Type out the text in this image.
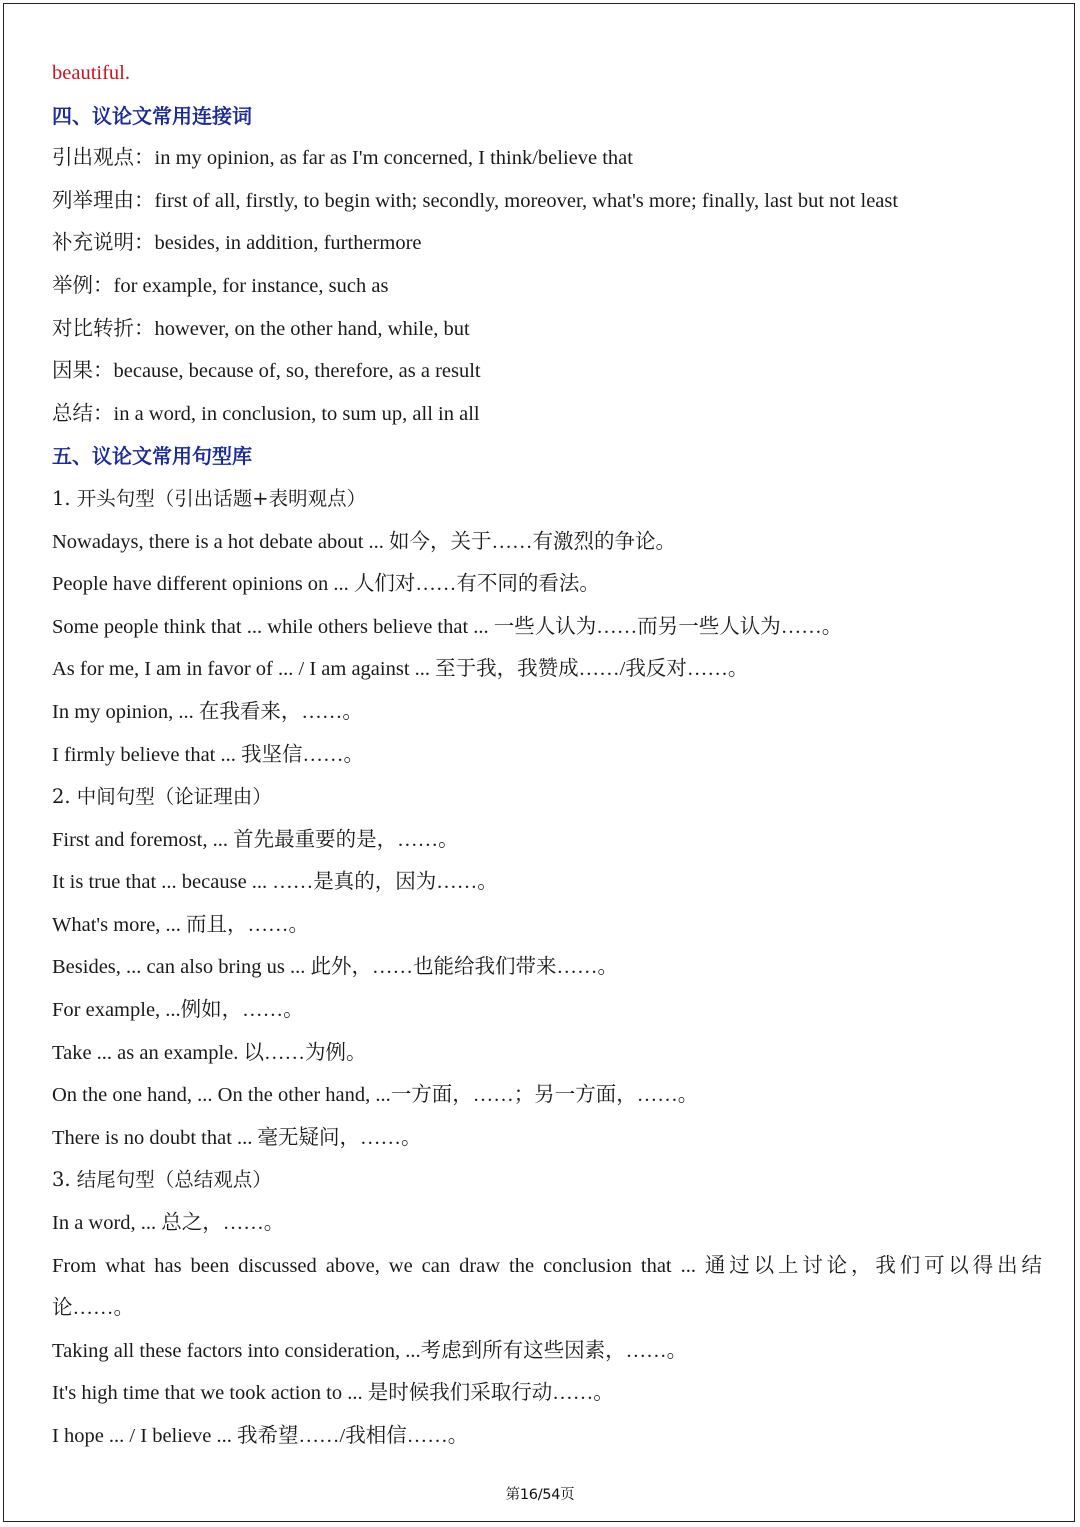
beautiful.
四、议论文常用连接词
引出观点：in my opinion, as far as I'm concerned, I think/believe that
列举理由：first of all, firstly, to begin with; secondly, moreover, what's more; finally, last but not least
补充说明：besides, in addition, furthermore
举例：for example, for instance, such as
对比转折：however, on the other hand, while, but
因果：because, because of, so, therefore, as a result
总结：in a word, in conclusion, to sum up, all in all
五、议论文常用句型库
1. 开头句型（引出话题+表明观点）
Nowadays, there is a hot debate about ... 如今，关于……有激烈的争论。
People have different opinions on ... 人们对……有不同的看法。
Some people think that ... while others believe that ... 一些人认为……而另一些人认为……。
As for me, I am in favor of ... / I am against ... 至于我，我赞成……/我反对……。
In my opinion, ... 在我看来，……。
I firmly believe that ... 我坚信……。
2. 中间句型（论证理由）
First and foremost, ... 首先最重要的是，……。
It is true that ... because ... ……是真的，因为……。
What's more, ... 而且，……。
Besides, ... can also bring us ... 此外，……也能给我们带来……。
For example, ...例如，……。
Take ... as an example. 以……为例。
On the one hand, ... On the other hand, ...一方面，……；另一方面，……。
There is no doubt that ... 毫无疑问，……。
3. 结尾句型（总结观点）
In a word, ... 总之，……。
From what has been discussed above, we can draw the conclusion that ... 通过以上讨论，我们可以得出结
论……。
Taking all these factors into consideration, ...考虑到所有这些因素，……。
It's high time that we took action to ... 是时候我们采取行动……。
I hope ... / I believe ... 我希望……/我相信……。
第16/54页
